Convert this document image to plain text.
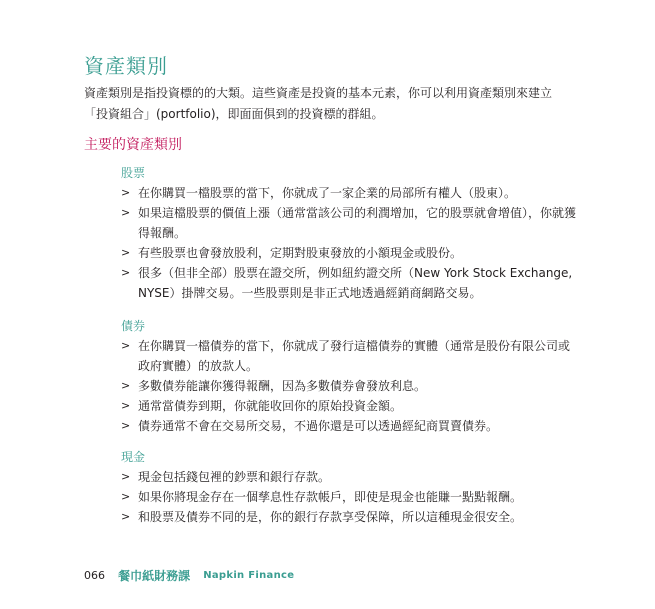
資產類別
資產類別是指投資標的的大類。這些資產是投資的基本元素，你可以利用資產類別來建立「投資組合」(portfolio)，即面面俱到的投資標的群組。
主要的資產類別
股票
> 在你購買一檔股票的當下，你就成了一家企業的局部所有權人（股東）。
> 如果這檔股票的價值上漲（通常當該公司的利潤增加，它的股票就會增值），你就獲得報酬。
> 有些股票也會發放股利，定期對股東發放的小額現金或股份。
> 很多（但非全部）股票在證交所，例如紐約證交所（New York Stock Exchange, NYSE）掛牌交易。一些股票則是非正式地透過經銷商網路交易。
債券
> 在你購買一檔債券的當下，你就成了發行這檔債券的實體（通常是股份有限公司或政府實體）的放款人。
> 多數債券能讓你獲得報酬，因為多數債券會發放利息。
> 通常當債券到期，你就能收回你的原始投資金額。
> 債券通常不會在交易所交易，不過你還是可以透過經紀商買賣債券。
現金
> 現金包括錢包裡的鈔票和銀行存款。
> 如果你將現金存在一個孳息性存款帳戶，即使是現金也能賺一點點報酬。
> 和股票及債券不同的是，你的銀行存款享受保障，所以這種現金很安全。
066 餐巾紙財務課 Napkin Finance
